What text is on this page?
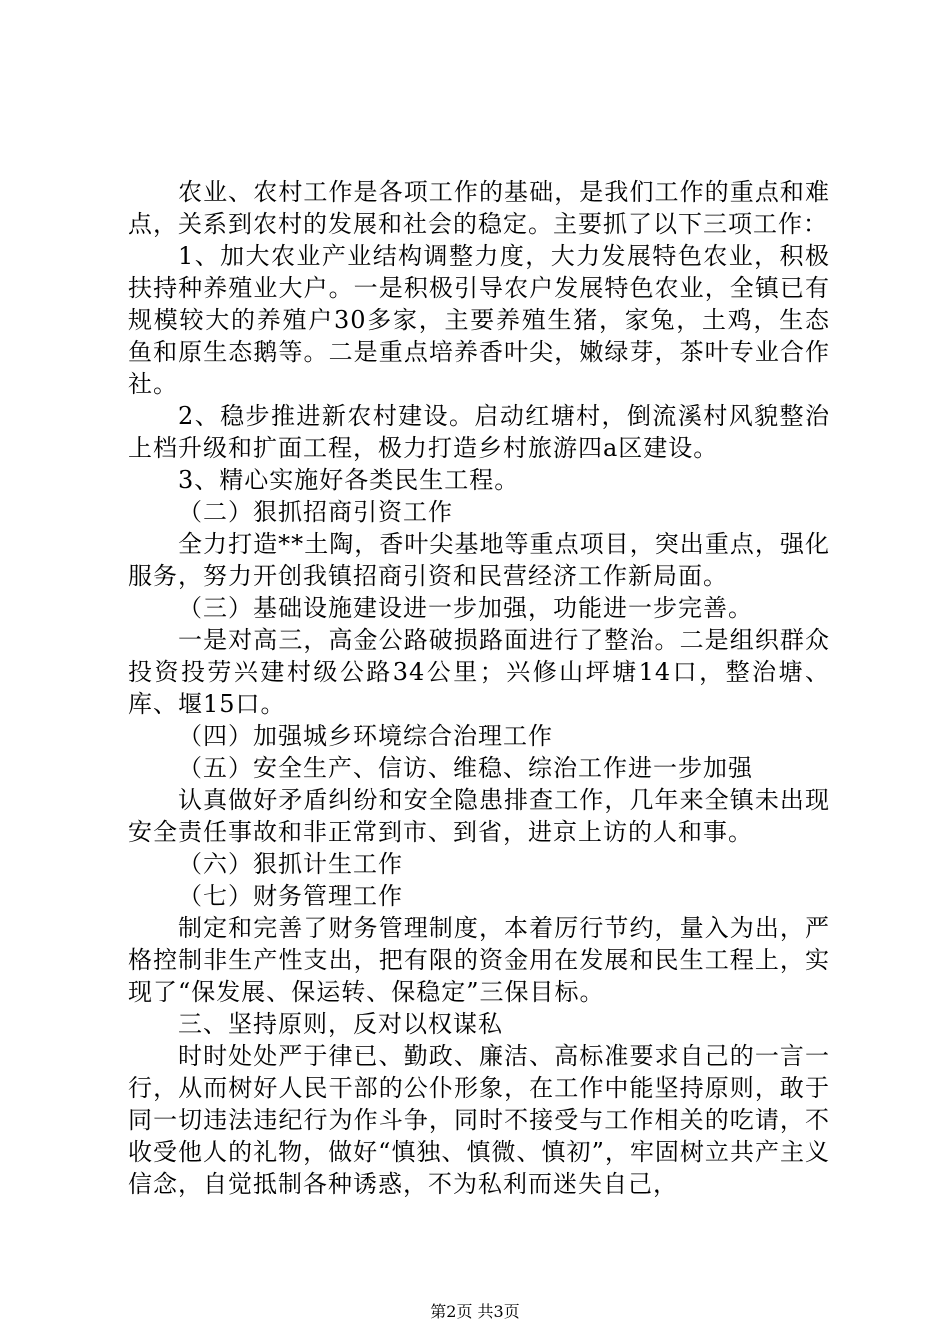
农业、农村工作是各项工作的基础，是我们工作的重点和难点，关系到农村的发展和社会的稳定。主要抓了以下三项工作：

1、加大农业产业结构调整力度，大力发展特色农业，积极扶持种养殖业大户。一是积极引导农户发展特色农业，全镇已有规模较大的养殖户30多家，主要养殖生猪，家兔，土鸡，生态鱼和原生态鹅等。二是重点培养香叶尖，嫩绿芽，茶叶专业合作社。

2、稳步推进新农村建设。启动红塘村，倒流溪村风貌整治上档升级和扩面工程，极力打造乡村旅游四a区建设。

3、精心实施好各类民生工程。

（二）狠抓招商引资工作

全力打造**土陶，香叶尖基地等重点项目，突出重点，强化服务，努力开创我镇招商引资和民营经济工作新局面。

（三）基础设施建设进一步加强，功能进一步完善。

一是对高三，高金公路破损路面进行了整治。二是组织群众投资投劳兴建村级公路34公里；兴修山坪塘14口，整治塘、库、堰15口。

（四）加强城乡环境综合治理工作

（五）安全生产、信访、维稳、综治工作进一步加强

认真做好矛盾纠纷和安全隐患排查工作，几年来全镇未出现安全责任事故和非正常到市、到省，进京上访的人和事。

（六）狠抓计生工作

（七）财务管理工作

制定和完善了财务管理制度，本着厉行节约，量入为出，严格控制非生产性支出，把有限的资金用在发展和民生工程上，实现了“保发展、保运转、保稳定”三保目标。

三、坚持原则，反对以权谋私

时时处处严于律已、勤政、廉洁、高标准要求自己的一言一行，从而树好人民干部的公仆形象，在工作中能坚持原则，敢于同一切违法违纪行为作斗争，同时不接受与工作相关的吃请，不收受他人的礼物，做好“慎独、慎微、慎初”，牢固树立共产主义信念，自觉抵制各种诱惑，不为私利而迷失自己，

第2页 共3页
